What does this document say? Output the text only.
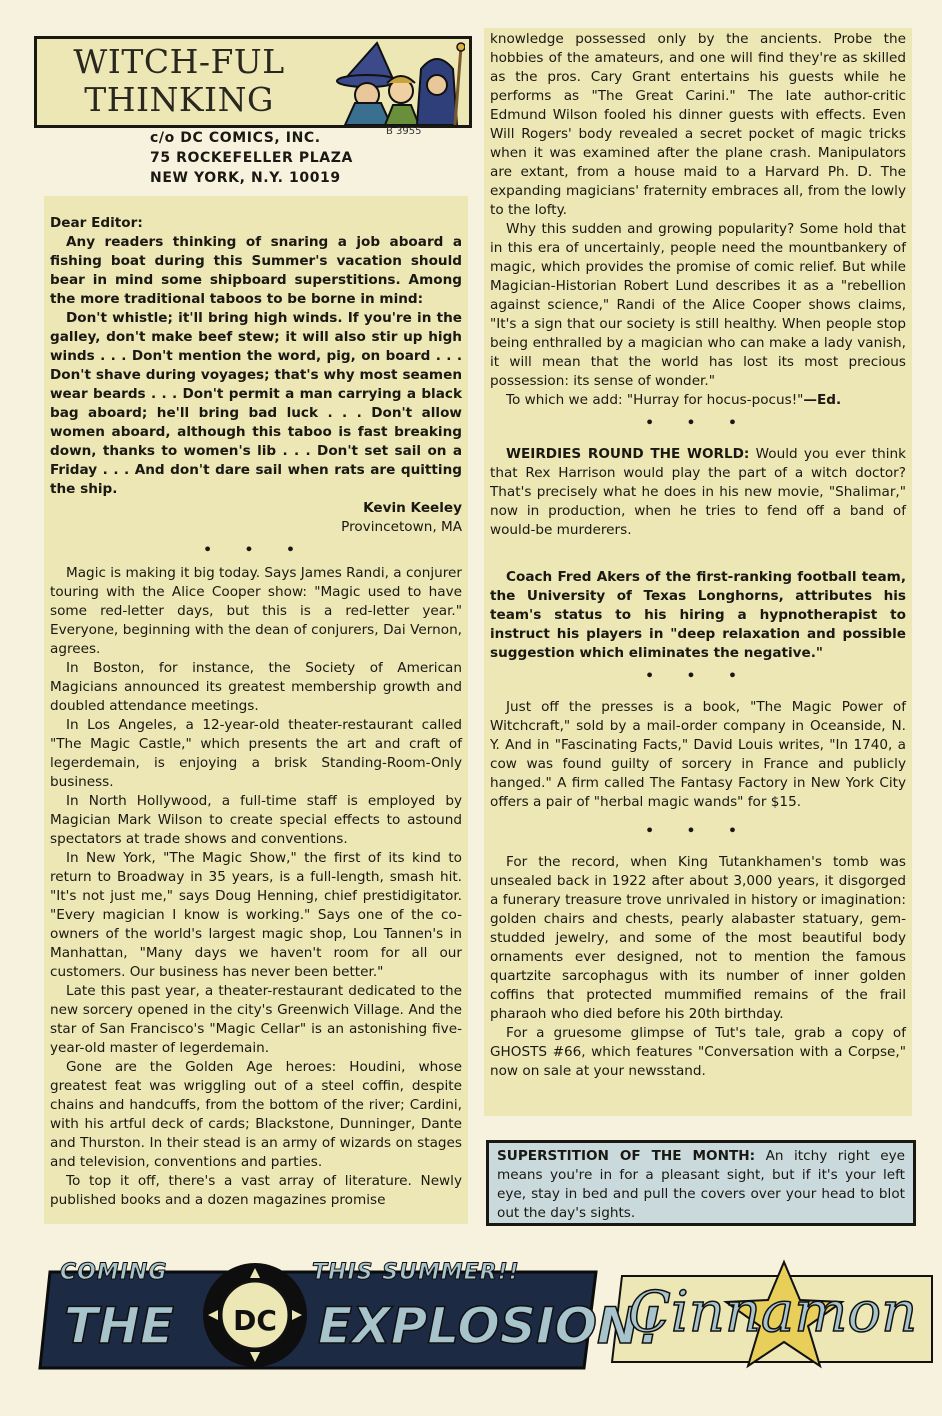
WITCH-FUL
THINKING
c/o DC COMICS, INC.
75 ROCKEFELLER PLAZA
NEW YORK, N.Y. 10019
B 3955

Dear Editor:

Any readers thinking of snaring a job aboard a fishing boat during this Summer's vacation should bear in mind some shipboard superstitions. Among the more traditional taboos to be borne in mind:

Don't whistle; it'll bring high winds. If you're in the galley, don't make beef stew; it will also stir up high winds . . . Don't mention the word, pig, on board . . . Don't shave during voyages; that's why most seamen wear beards . . . Don't permit a man carrying a black bag aboard; he'll bring bad luck . . . Don't allow women aboard, although this taboo is fast breaking down, thanks to women's lib . . . Don't set sail on a Friday . . . And don't dare sail when rats are quitting the ship.

Kevin Keeley

Provincetown, MA

• • •

Magic is making it big today. Says James Randi, a conjurer touring with the Alice Cooper show: "Magic used to have some red-letter days, but this is a red-letter year." Everyone, beginning with the dean of conjurers, Dai Vernon, agrees.

In Boston, for instance, the Society of American Magicians announced its greatest membership growth and doubled attendance meetings.

In Los Angeles, a 12-year-old theater-restaurant called "The Magic Castle," which presents the art and craft of legerdemain, is enjoying a brisk Standing-Room-Only business.

In North Hollywood, a full-time staff is employed by Magician Mark Wilson to create special effects to astound spectators at trade shows and conventions.

In New York, "The Magic Show," the first of its kind to return to Broadway in 35 years, is a full-length, smash hit. "It's not just me," says Doug Henning, chief prestidigitator. "Every magician I know is working." Says one of the co-owners of the world's largest magic shop, Lou Tannen's in Manhattan, "Many days we haven't room for all our customers. Our business has never been better."

Late this past year, a theater-restaurant dedicated to the new sorcery opened in the city's Greenwich Village. And the star of San Francisco's "Magic Cellar" is an astonishing five-year-old master of legerdemain.

Gone are the Golden Age heroes: Houdini, whose greatest feat was wriggling out of a steel coffin, despite chains and handcuffs, from the bottom of the river; Cardini, with his artful deck of cards; Blackstone, Dunninger, Dante and Thurston. In their stead is an army of wizards on stages and television, conventions and parties.

To top it off, there's a vast array of literature. Newly published books and a dozen magazines promise

knowledge possessed only by the ancients. Probe the hobbies of the amateurs, and one will find they're as skilled as the pros. Cary Grant entertains his guests while he performs as "The Great Carini." The late author-critic Edmund Wilson fooled his dinner guests with effects. Even Will Rogers' body revealed a secret pocket of magic tricks when it was examined after the plane crash. Manipulators are extant, from a house maid to a Harvard Ph. D. The expanding magicians' fraternity embraces all, from the lowly to the lofty.

Why this sudden and growing popularity? Some hold that in this era of uncertainly, people need the mountbankery of magic, which provides the promise of comic relief. But while Magician-Historian Robert Lund describes it as a "rebellion against science," Randi of the Alice Cooper shows claims, "It's a sign that our society is still healthy. When people stop being enthralled by a magician who can make a lady vanish, it will mean that the world has lost its most precious possession: its sense of wonder."

To which we add: "Hurray for hocus-pocus!"—Ed.

• • •

WEIRDIES ROUND THE WORLD: Would you ever think that Rex Harrison would play the part of a witch doctor? That's precisely what he does in his new movie, "Shalimar," now in production, when he tries to fend off a band of would-be murderers.

Coach Fred Akers of the first-ranking football team, the University of Texas Longhorns, attributes his team's status to his hiring a hypnotherapist to instruct his players in "deep relaxation and possible suggestion which eliminates the negative."

• • •

Just off the presses is a book, "The Magic Power of Witchcraft," sold by a mail-order company in Oceanside, N. Y. And in "Fascinating Facts," David Louis writes, "In 1740, a cow was found guilty of sorcery in France and publicly hanged." A firm called The Fantasy Factory in New York City offers a pair of "herbal magic wands" for $15.

• • •

For the record, when King Tutankhamen's tomb was unsealed back in 1922 after about 3,000 years, it disgorged a funerary treasure trove unrivaled in history or imagination: golden chairs and chests, pearly alabaster statuary, gem-studded jewelry, and some of the most beautiful body ornaments ever designed, not to mention the famous quartzite sarcophagus with its number of inner golden coffins that protected mummified remains of the frail pharaoh who died before his 20th birthday.

For a gruesome glimpse of Tut's tale, grab a copy of GHOSTS #66, which features "Conversation with a Corpse," now on sale at your newsstand.

SUPERSTITION OF THE MONTH: An itchy right eye means you're in for a pleasant sight, but if it's your left eye, stay in bed and pull the covers over your head to blot out the day's sights.
COMING	THIS SUMMER!!
THE DC EXPLOSION!
Cinnamon
